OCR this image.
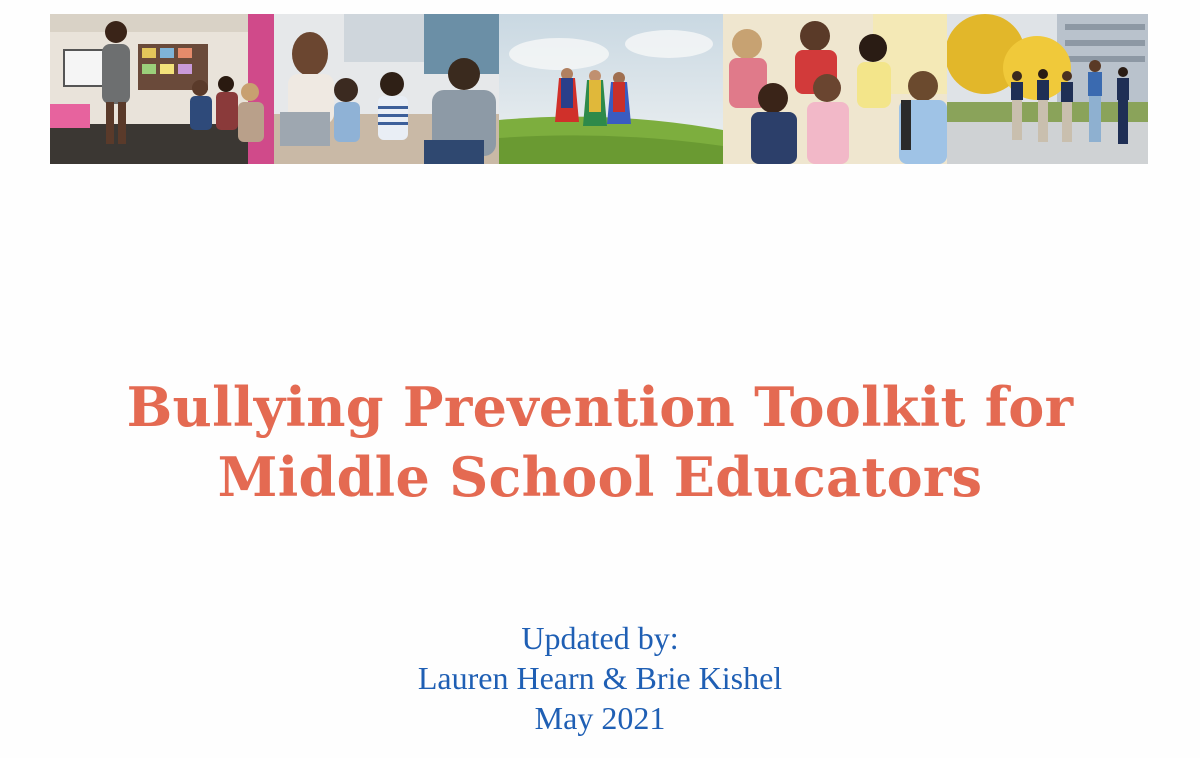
Bullying Prevention Toolkit for
Middle School Educators
Updated by:
Lauren Hearn & Brie Kishel
May 2021
